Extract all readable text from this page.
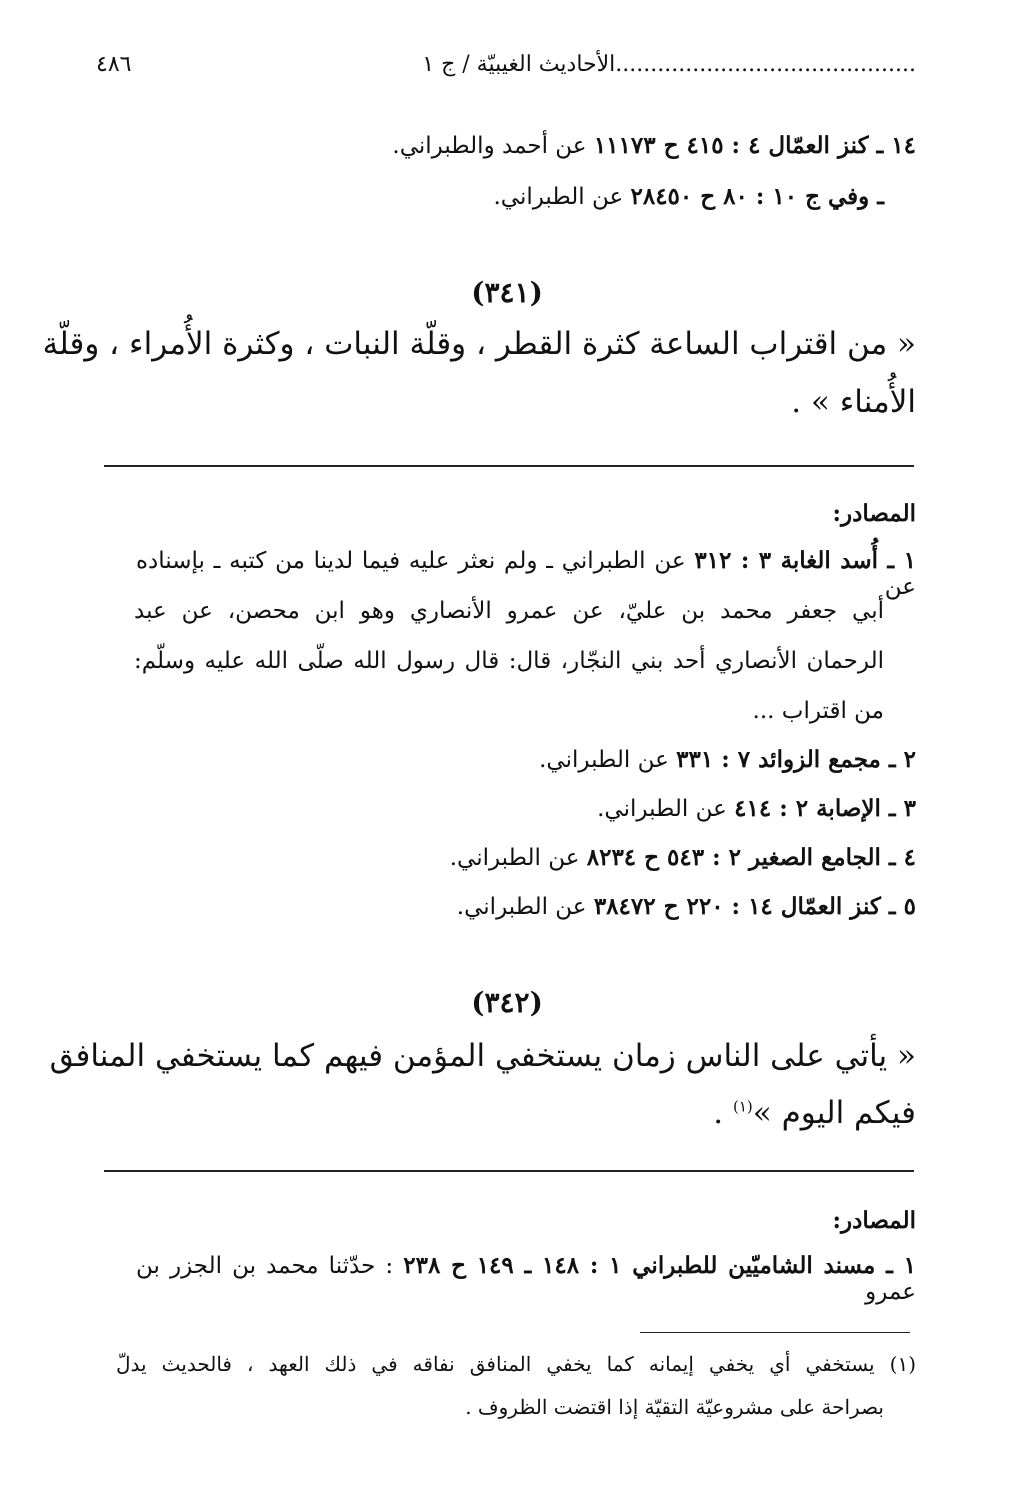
...........................................الأحاديث الغيبيّة / ج ١
٤٨٦
١٤ ـ كنز العمّال ٤ : ٤١٥ ح ١١١٧٣ عن أحمد والطبراني.
ـ وفي ج ١٠ : ٨٠ ح ٢٨٤٥٠ عن الطبراني.
(٣٤١)
« من اقتراب الساعة كثرة القطر ، وقلّة النبات ، وكثرة الأُمراء ، وقلّة
الأُمناء » .
المصادر:
١ ـ أُسد الغابة ٣ : ٣١٢ عن الطبراني ـ ولم نعثر عليه فيما لدينا من كتبه ـ بإسناده عن
أبي جعفر محمد بن عليّ، عن عمرو الأنصاري وهو ابن محصن، عن عبد
الرحمان الأنصاري أحد بني النجّار، قال: قال رسول الله صلّى الله عليه وسلّم:
من اقتراب ...
٢ ـ مجمع الزوائد ٧ : ٣٣١ عن الطبراني.
٣ ـ الإصابة ٢ : ٤١٤ عن الطبراني.
٤ ـ الجامع الصغير ٢ : ٥٤٣ ح ٨٢٣٤ عن الطبراني.
٥ ـ كنز العمّال ١٤ : ٢٢٠ ح ٣٨٤٧٢ عن الطبراني.
(٣٤٢)
« يأتي على الناس زمان يستخفي المؤمن فيهم كما يستخفي المنافق
فيكم اليوم »$^{(١)}$ .
المصادر:
١ ـ مسند الشاميّين للطبراني ١ : ١٤٨ ـ ١٤٩ ح ٢٣٨ : حدّثنا محمد بن الجزر بن عمرو
(١) يستخفي أي يخفي إيمانه كما يخفي المنافق نفاقه في ذلك العهد ، فالحديث يدلّ
بصراحة على مشروعيّة التقيّة إذا اقتضت الظروف .
